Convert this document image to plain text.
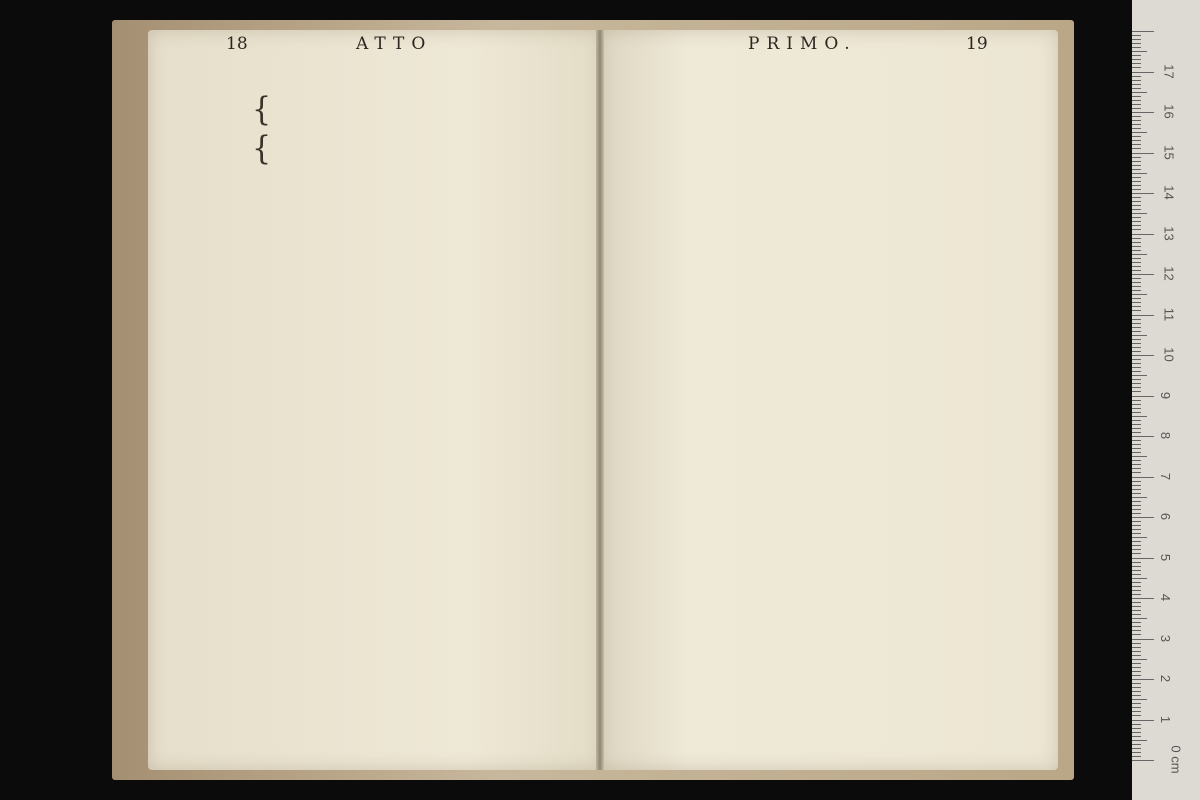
18	ATTO
{
{
PRIMO.	19
0 cm
1
2
3
4
5
6
7
8
9
10
11
12
13
14
15
16
17
